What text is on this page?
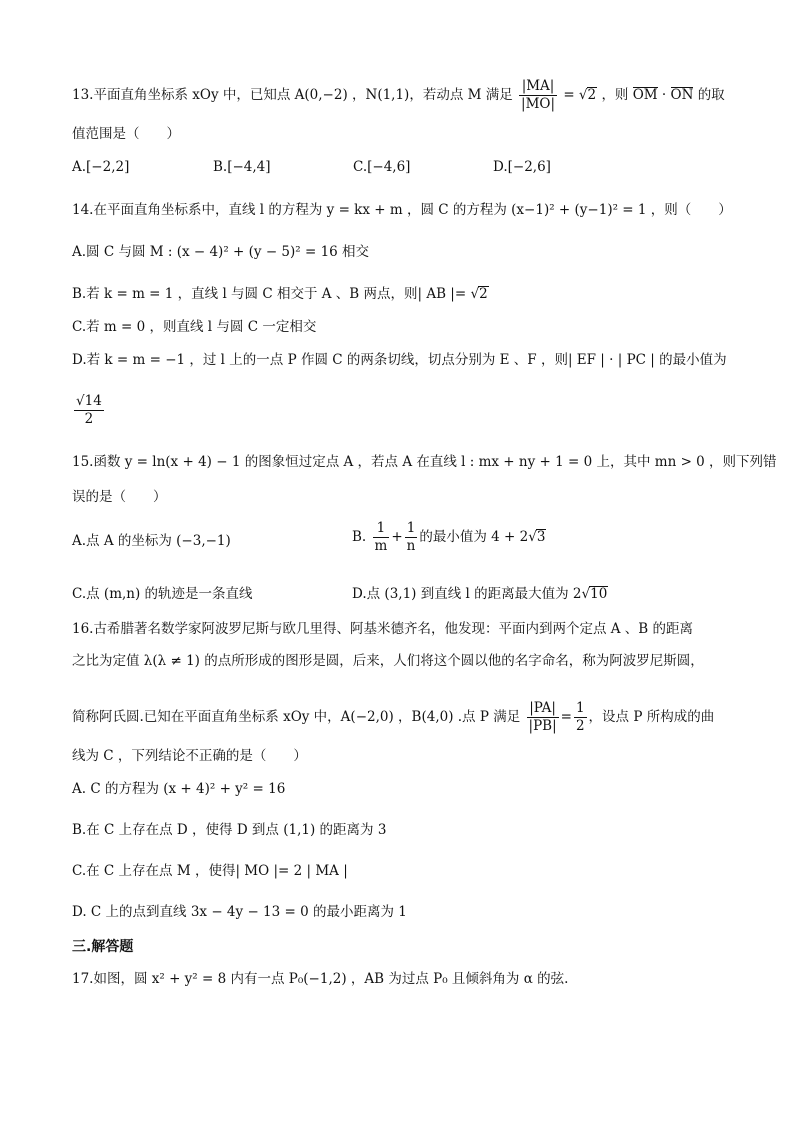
13.平面直角坐标系 xOy 中，已知点 A(0,−2) ，N(1,1)，若动点 M 满足 $\frac{|MA|}{|MO|} = √2$ ，则 OM · ON 的取
值范围是（　　）
A.[−2,2]	B.[−4,4]	C.[−4,6]	D.[−2,6]
14.在平面直角坐标系中，直线 l 的方程为 y = kx + m ，圆 C 的方程为 (x−1)² + (y−1)² = 1 ，则（　　）
A.圆 C 与圆 M : (x − 4)² + (y − 5)² = 16 相交
B.若 k = m = 1 ，直线 l 与圆 C 相交于 A 、B 两点，则| AB |= √2
C.若 m = 0 ，则直线 l 与圆 C 一定相交
D.若 k = m = −1 ，过 l 上的一点 P 作圆 C 的两条切线，切点分别为 E 、F ，则| EF | · | PC | 的最小值为
$\frac{√14}{2}$
15.函数 y = ln(x + 4) − 1 的图象恒过定点 A ，若点 A 在直线 l : mx + ny + 1 = 0 上，其中 mn > 0 ，则下列错
误的是（　　）
A.点 A 的坐标为 (−3,−1)	B. $\frac{1}{m} + \frac{1}{n}$ 的最小值为 4 + 2√3
C.点 (m,n) 的轨迹是一条直线	D.点 (3,1) 到直线 l 的距离最大值为 2√10
16.古希腊著名数学家阿波罗尼斯与欧几里得、阿基米德齐名，他发现：平面内到两个定点 A 、B 的距离
之比为定值 λ(λ ≠ 1) 的点所形成的图形是圆，后来，人们将这个圆以他的名字命名，称为阿波罗尼斯圆，
简称阿氏圆.已知在平面直角坐标系 xOy 中，A(−2,0) ，B(4,0) .点 P 满足 $\frac{|PA|}{|PB|} = \frac{1}{2}$ ，设点 P 所构成的曲
线为 C ，下列结论不正确的是（　　）
A. C 的方程为 (x + 4)² + y² = 16
B.在 C 上存在点 D ，使得 D 到点 (1,1) 的距离为 3
C.在 C 上存在点 M ，使得| MO |= 2 | MA |
D. C 上的点到直线 3x − 4y − 13 = 0 的最小距离为 1
三.解答题
17.如图，圆 x² + y² = 8 内有一点 P₀(−1,2) ，AB 为过点 P₀ 且倾斜角为 α 的弦.
